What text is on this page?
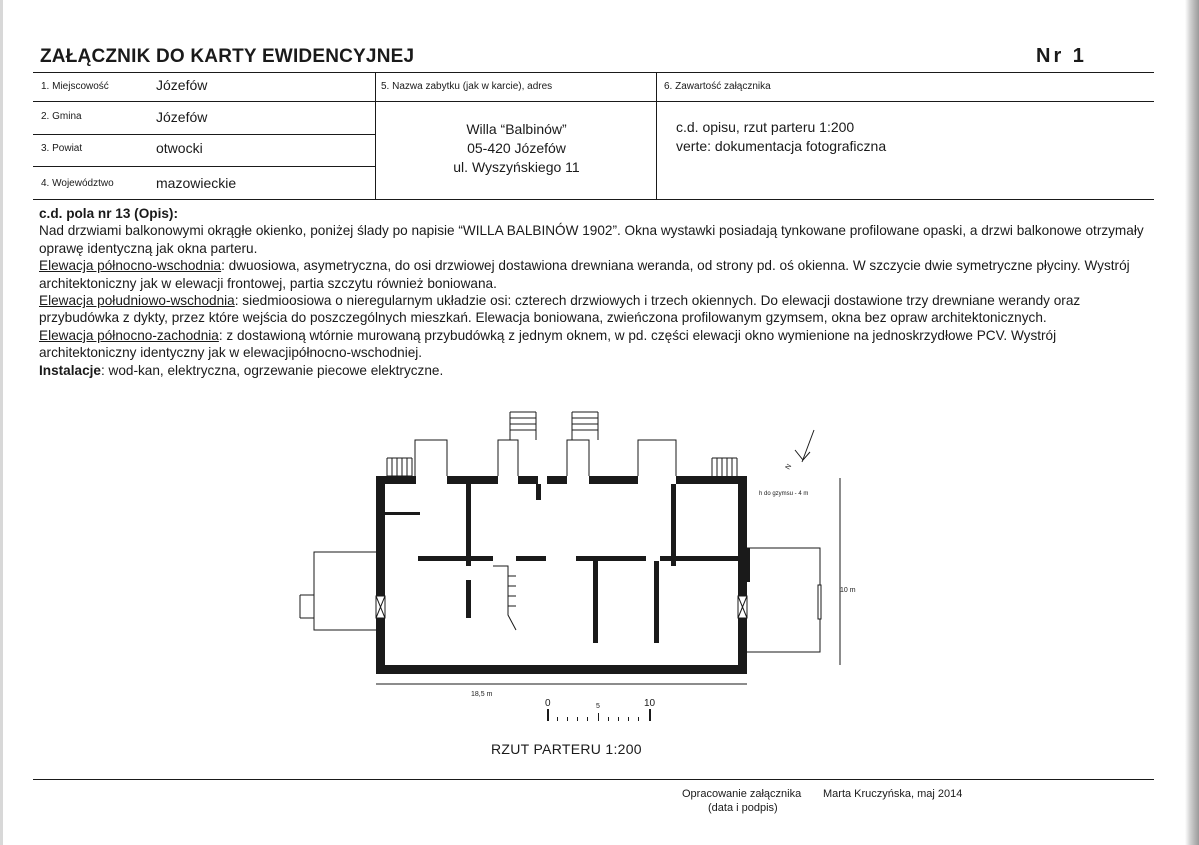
ZAŁĄCZNIK DO KARTY EWIDENCYJNEJ	Nr 1
1. Miejscowość	Józefów
2. Gmina	Józefów
3. Powiat	otwocki
4. Województwo	mazowieckie
5. Nazwa zabytku (jak w karcie), adres
Willa “Balbinów”
05-420 Józefów
ul. Wyszyńskiego 11
6. Zawartość załącznika
c.d. opisu, rzut parteru 1:200
verte: dokumentacja fotograficzna

c.d. pola nr 13 (Opis):

Nad drzwiami balkonowymi okrągłe okienko, poniżej ślady po napisie “WILLA BALBINÓW 1902”. Okna wystawki posiadają tynkowane profilowane opaski, a drzwi balkonowe otrzymały oprawę identyczną jak okna parteru.

Elewacja północno-wschodnia: dwuosiowa, asymetryczna, do osi drzwiowej dostawiona drewniana weranda, od strony pd. oś okienna. W szczycie dwie symetryczne płyciny. Wystrój architektoniczny jak w elewacji frontowej, partia szczytu również boniowana.

Elewacja południowo-wschodnia: siedmioosiowa o nieregularnym układzie osi: czterech drzwiowych i trzech okiennych. Do elewacji dostawione trzy drewniane werandy oraz przybudówka z dykty, przez które wejścia do poszczególnych mieszkań. Elewacja boniowana, zwieńczona profilowanym gzymsem, okna bez opraw architektonicznych.

Elewacja północno-zachodnia: z dostawioną wtórnie murowaną przybudówką z jednym oknem, w pd. części elewacji okno wymienione na jednoskrzydłowe PCV. Wystrój architektoniczny identyczny jak w elewacjipółnocno-wschodniej.

Instalacje: wod-kan, elektryczna, ogrzewanie piecowe elektryczne.

N
h do gzymsu - 4 m
10 m
18,5 m
0	5	10
RZUT PARTERU 1:200
Opracowanie załącznika
(data i podpis)
Marta Kruczyńska, maj 2014
